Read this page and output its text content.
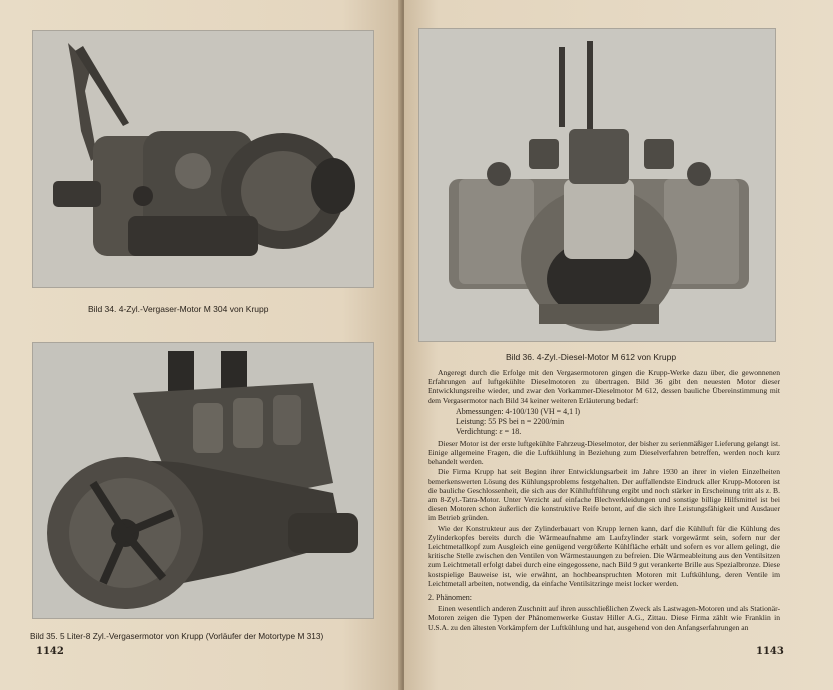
Bild 34. 4-Zyl.-Vergaser-Motor M 304 von Krupp
Bild 35. 5 Liter-8 Zyl.-Vergasermotor von Krupp (Vorläufer der Motortype M 313)
1142
Bild 36. 4-Zyl.-Diesel-Motor M 612 von Krupp
1143

Angeregt durch die Erfolge mit den Vergasermotoren gingen die Krupp-Werke dazu über, die gewonnenen Erfahrungen auf luftgekühlte Dieselmotoren zu übertragen. Bild 36 gibt den neuesten Motor dieser Entwicklungsreihe wieder, und zwar den Vorkammer-Dieselmotor M 612, dessen bauliche Übereinstimmung mit dem Vergasermotor nach Bild 34 keiner weiteren Erläuterung bedarf:

Abmessungen: 4-100/130 (VH = 4,1 l)
Leistung: 55 PS bei n = 2200/min
Verdichtung: ε = 18.

Dieser Motor ist der erste luftgekühlte Fahrzeug-Dieselmotor, der bisher zu serienmäßiger Lieferung gelangt ist. Einige allgemeine Fragen, die die Luftkühlung in Beziehung zum Dieselverfahren betreffen, werden noch kurz behandelt werden.

Die Firma Krupp hat seit Beginn ihrer Entwicklungsarbeit im Jahre 1930 an ihrer in vielen Einzelheiten bemerkenswerten Lösung des Kühlungsproblems festgehalten. Der auffallendste Eindruck aller Krupp-Motoren ist die bauliche Geschlossenheit, die sich aus der Kühlluftführung ergibt und noch stärker in Erscheinung tritt als z. B. am 8-Zyl.-Tatra-Motor. Unter Verzicht auf einfache Blechverkleidungen und sonstige billige Hilfsmittel ist bei diesen Motoren schon äußerlich die konstruktive Reife betont, auf die sich ihre Leistungsfähigkeit und Ausdauer im Betrieb gründen.

Wie der Konstrukteur aus der Zylinderbauart von Krupp lernen kann, darf die Kühlluft für die Kühlung des Zylinderkopfes bereits durch die Wärmeaufnahme am Laufzylinder stark vorgewärmt sein, sofern nur der Leichtmetallkopf zum Ausgleich eine genügend vergrößerte Kühlfläche erhält und sofern es vor allem gelingt, die kritische Stelle zwischen den Ventilen von Wärmestauungen zu befreien. Die Wärmeableitung aus den Ventilsitzen zum Leichtmetall erfolgt dabei durch eine eingegossene, nach Bild 9 gut verankerte Brille aus Spezialbronze. Diese kostspielige Bauweise ist, wie erwähnt, an hochbeanspruchten Motoren mit Luftkühlung, deren Ventile im Leichtmetall arbeiten, notwendig, da einfache Ventilsitzringe meist locker werden.

2. Phänomen:

Einen wesentlich anderen Zuschnitt auf ihren ausschließlichen Zweck als Lastwagen-Motoren und als Stationär-Motoren zeigen die Typen der Phänomenwerke Gustav Hiller A.G., Zittau. Diese Firma zählt wie Franklin in U.S.A. zu den ältesten Vorkämpfern der Luftkühlung und hat, ausgehend von den Anfangserfahrungen an
